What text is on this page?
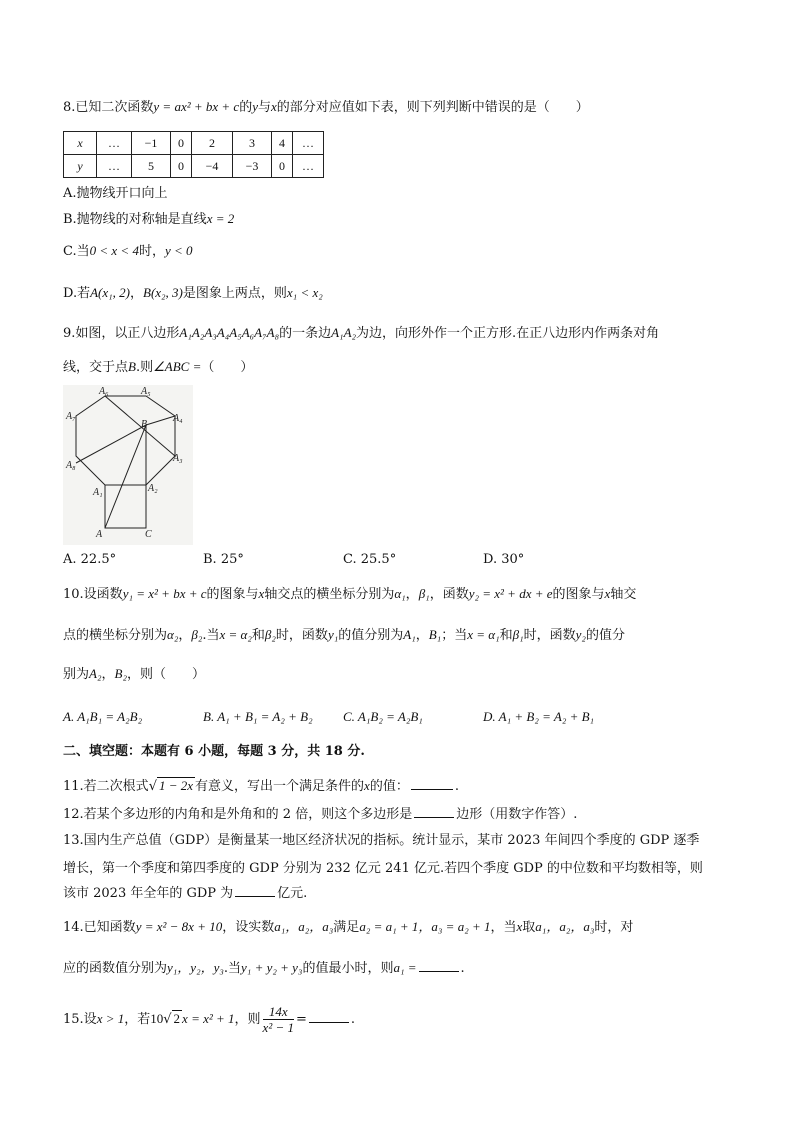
8.已知二次函数y = ax² + bx + c的y与x的部分对应值如下表，则下列判断中错误的是（　　）
x	…	−1	0	2	3	4	…
y	…	5	0	−4	−3	0	…
A.抛物线开口向上
B.抛物线的对称轴是直线x = 2
C.当0 < x < 4时，y < 0
D.若A(x₁, 2)，B(x₂, 3)是图象上两点，则x₁ < x₂
9.如图，以正八边形A₁A₂A₃A₄A₅A₆A₇A₈的一条边A₁A₂为边，向形外作一个正方形.在正八边形内作两条对角
线，交于点B.则∠ABC =（　　）
A₆	A₅
A₇	A₄
B
A₈
A₃
A₁	A₂
A	C
A. 22.5°	B. 25°	C. 25.5°	D. 30°
10.设函数y₁ = x² + bx + c的图象与x轴交点的横坐标分别为α₁，β₁，函数y₂ = x² + dx + e的图象与x轴交
点的横坐标分别为α₂，β₂.当x = α₂和β₂时，函数y₁的值分别为A₁，B₁；当x = α₁和β₁时，函数y₂的值分
别为A₂，B₂，则（　　）
A. A₁B₁ = A₂B₂	B. A₁ + B₁ = A₂ + B₂ C. A₁B₂ = A₂B₁	D. A₁ + B₂ = A₂ + B₁
二、填空题：本题有 6 小题，每题 3 分，共 18 分.
11.若二次根式√ 1 − 2x 有意义，写出一个满足条件的x的值：	.
12.若某个多边形的内角和是外角和的 2 倍，则这个多边形是	边形（用数字作答）.
13.国内生产总值（GDP）是衡量某一地区经济状况的指标。统计显示，某市 2023 年间四个季度的 GDP 逐季
增长，第一个季度和第四季度的 GDP 分别为 232 亿元 241 亿元.若四个季度 GDP 的中位数和平均数相等，则
该市 2023 年全年的 GDP 为	亿元.
14.已知函数y = x² − 8x + 10，设实数a₁，a₂，a₃满足a₂ = a₁ + 1，a₃ = a₂ + 1，当x取a₁，a₂，a₃时，对
应的函数值分别为y₁，y₂，y₃.当y₁ + y₂ + y₃的值最小时，则a₁ =	.
15.设x > 1，若10√ 2 x = x² + 1，则 $\frac{14x}{\text{x² − 1}}$ =	.
